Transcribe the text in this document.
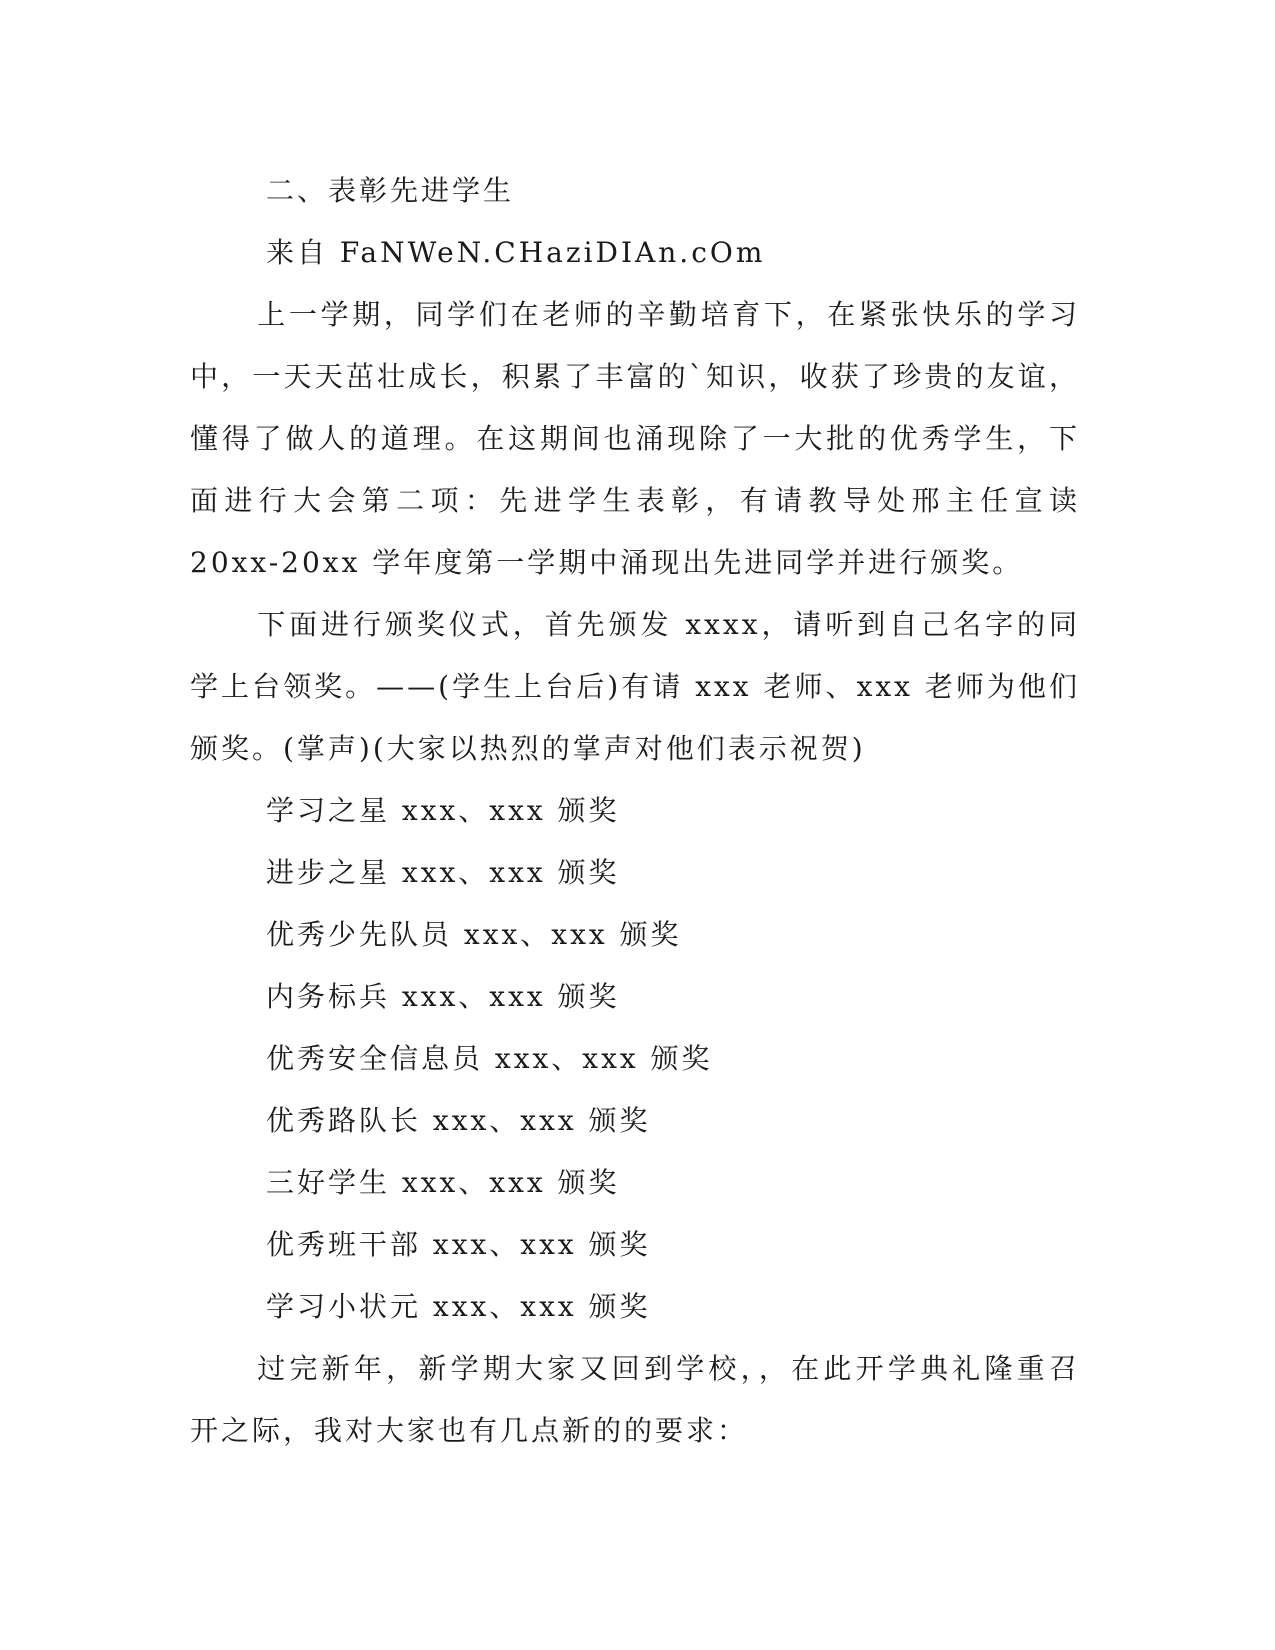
二、表彰先进学生

来自 FaNWeN.CHaziDIAn.cOm

上一学期，同学们在老师的辛勤培育下，在紧张快乐的学习中，一天天茁壮成长，积累了丰富的`知识，收获了珍贵的友谊，懂得了做人的道理。在这期间也涌现除了一大批的优秀学生，下面进行大会第二项：先进学生表彰，有请教导处邢主任宣读 20xx-20xx 学年度第一学期中涌现出先进同学并进行颁奖。

下面进行颁奖仪式，首先颁发 xxxx，请听到自己名字的同学上台领奖。——(学生上台后)有请 xxx 老师、xxx 老师为他们颁奖。(掌声)(大家以热烈的掌声对他们表示祝贺)

学习之星 xxx、xxx 颁奖

进步之星 xxx、xxx 颁奖

优秀少先队员 xxx、xxx 颁奖

内务标兵 xxx、xxx 颁奖

优秀安全信息员 xxx、xxx 颁奖

优秀路队长 xxx、xxx 颁奖

三好学生 xxx、xxx 颁奖

优秀班干部 xxx、xxx 颁奖

学习小状元 xxx、xxx 颁奖

过完新年，新学期大家又回到学校，，在此开学典礼隆重召开之际，我对大家也有几点新的的要求：
